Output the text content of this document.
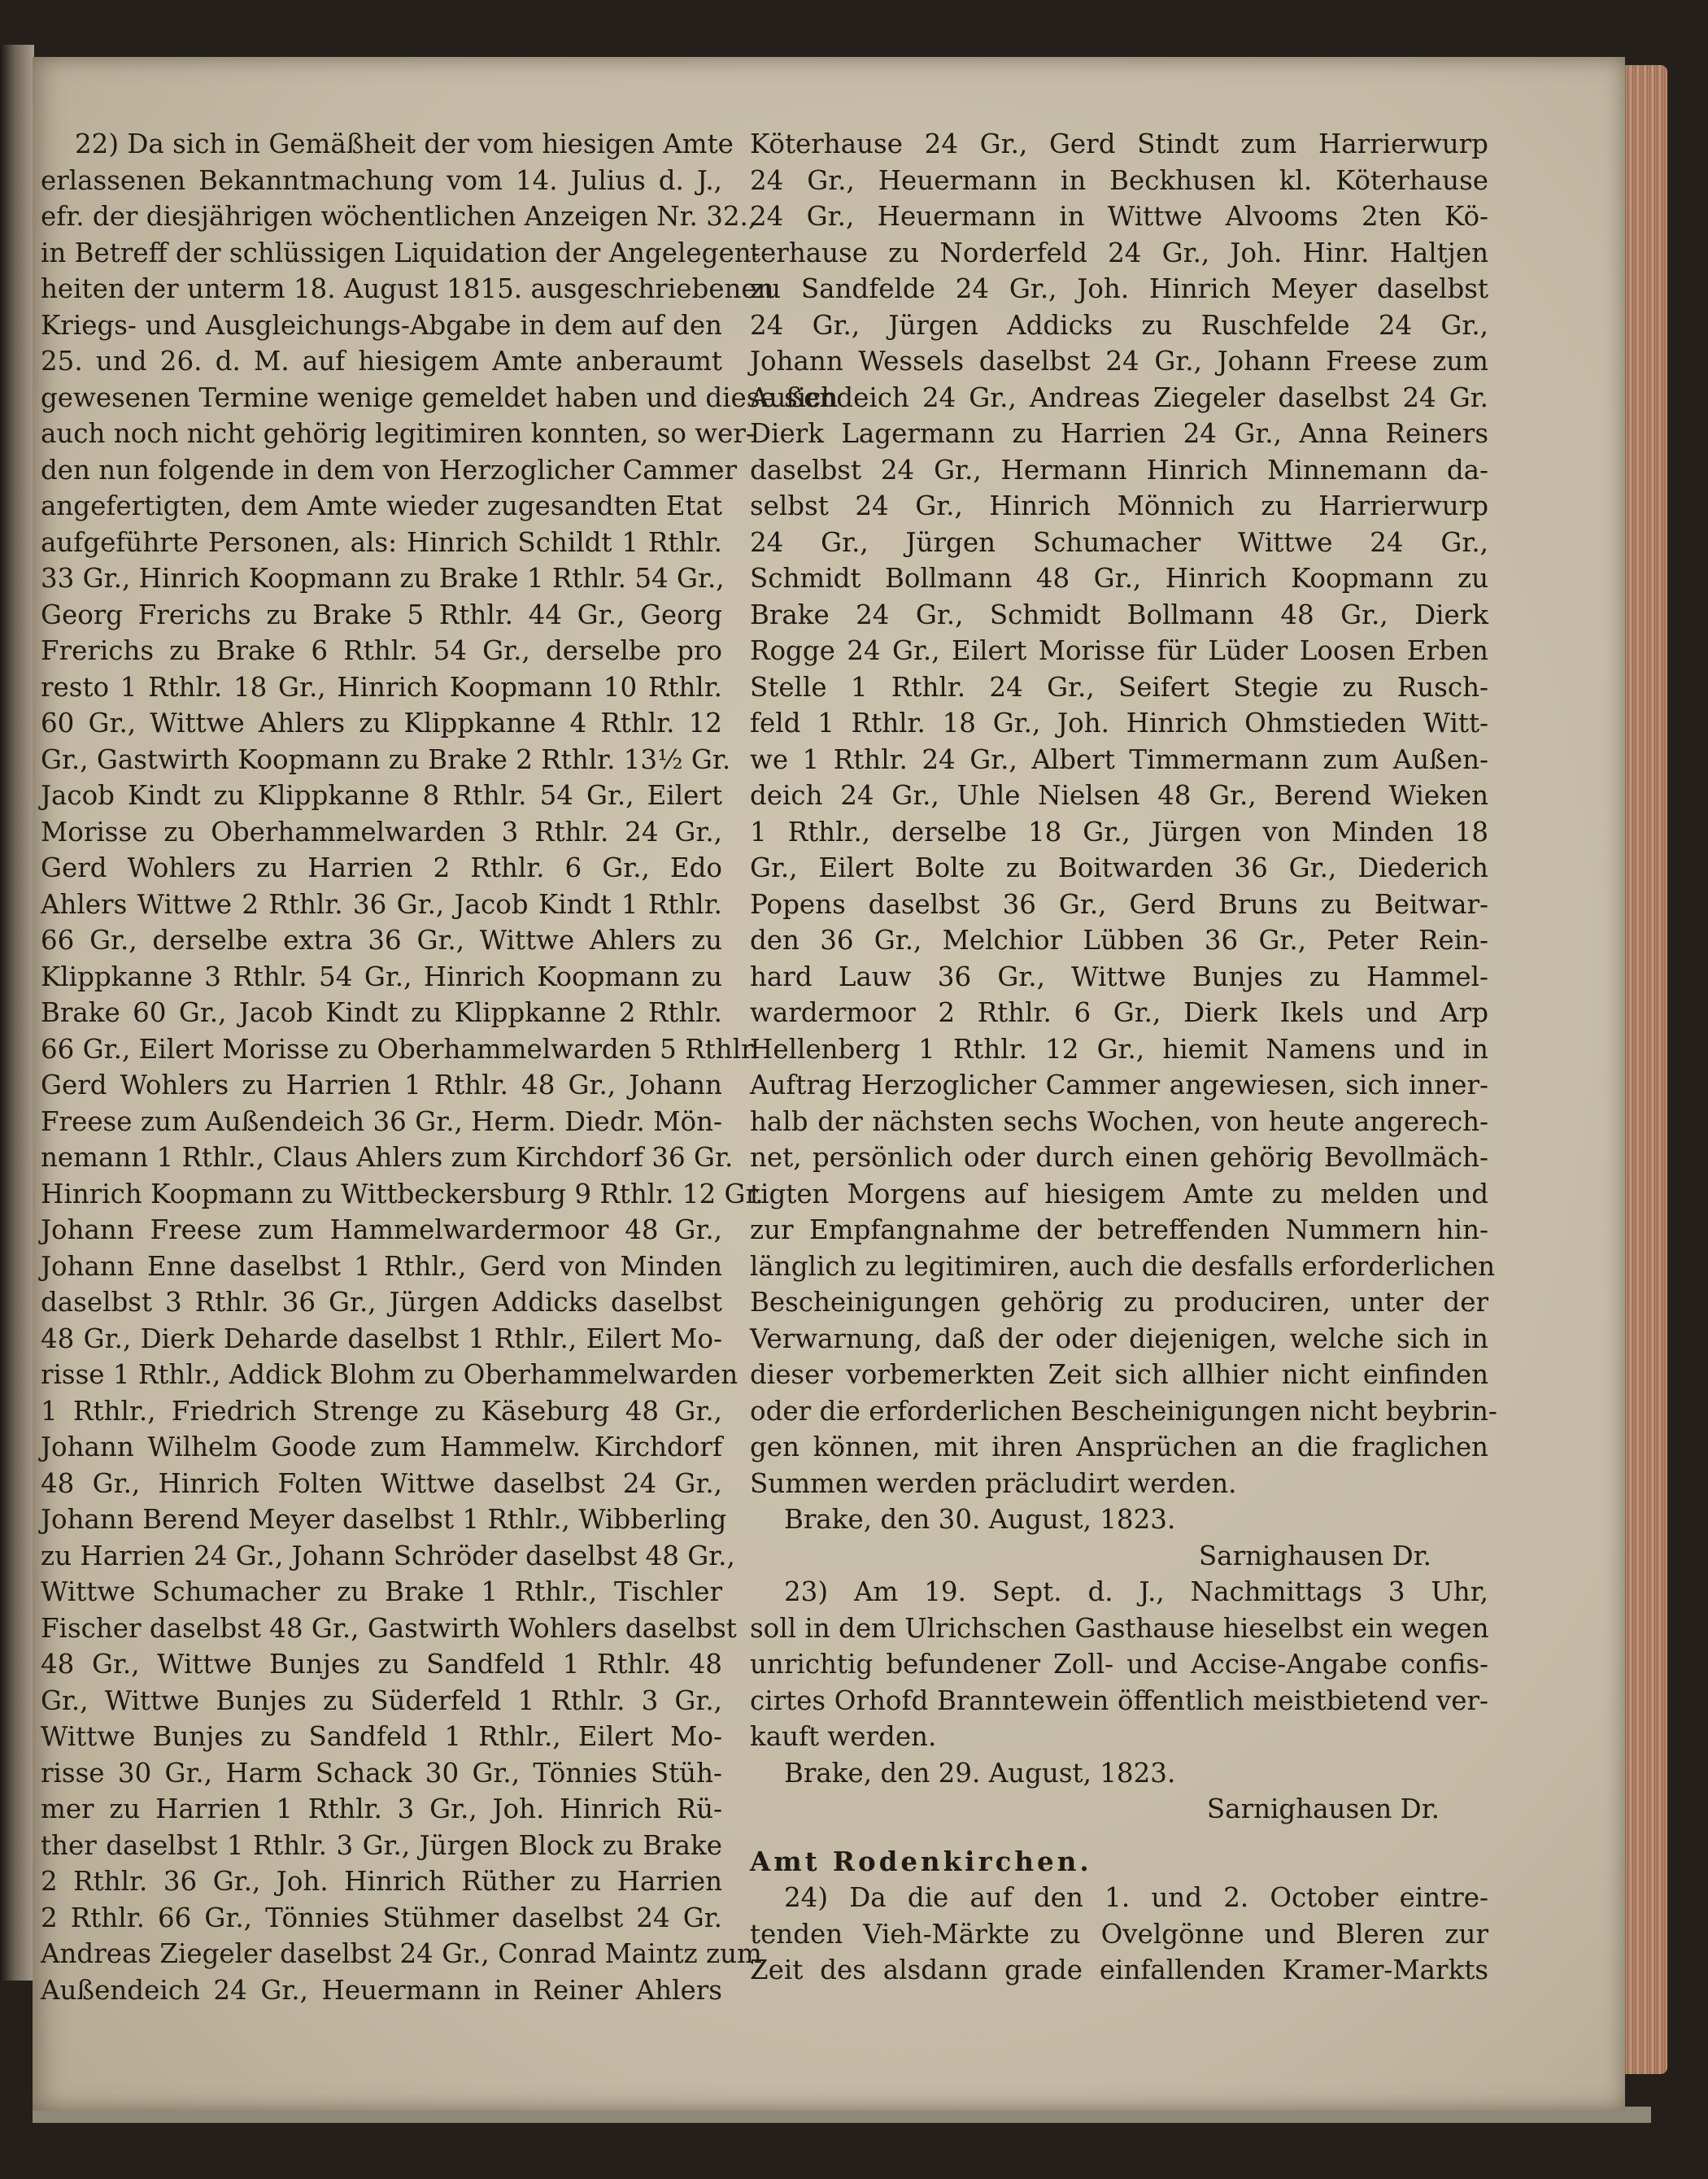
22) Da sich in Gemäßheit der vom hiesigen Amte
erlassenen Bekanntmachung vom 14. Julius d. J.,
efr. der diesjährigen wöchentlichen Anzeigen Nr. 32.,
in Betreff der schlüssigen Liquidation der Angelegen-
heiten der unterm 18. August 1815. ausgeschriebenen
Kriegs- und Ausgleichungs-Abgabe in dem auf den
25. und 26. d. M. auf hiesigem Amte anberaumt
gewesenen Termine wenige gemeldet haben und diese sich
auch noch nicht gehörig legitimiren konnten, so wer-
den nun folgende in dem von Herzoglicher Cammer
angefertigten, dem Amte wieder zugesandten Etat
aufgeführte Personen, als: Hinrich Schildt 1 Rthlr.
33 Gr., Hinrich Koopmann zu Brake 1 Rthlr. 54 Gr.,
Georg Frerichs zu Brake 5 Rthlr. 44 Gr., Georg
Frerichs zu Brake 6 Rthlr. 54 Gr., derselbe pro
resto 1 Rthlr. 18 Gr., Hinrich Koopmann 10 Rthlr.
60 Gr., Wittwe Ahlers zu Klippkanne 4 Rthlr. 12
Gr., Gastwirth Koopmann zu Brake 2 Rthlr. 13½ Gr.
Jacob Kindt zu Klippkanne 8 Rthlr. 54 Gr., Eilert
Morisse zu Oberhammelwarden 3 Rthlr. 24 Gr.,
Gerd Wohlers zu Harrien 2 Rthlr. 6 Gr., Edo
Ahlers Wittwe 2 Rthlr. 36 Gr., Jacob Kindt 1 Rthlr.
66 Gr., derselbe extra 36 Gr., Wittwe Ahlers zu
Klippkanne 3 Rthlr. 54 Gr., Hinrich Koopmann zu
Brake 60 Gr., Jacob Kindt zu Klippkanne 2 Rthlr.
66 Gr., Eilert Morisse zu Oberhammelwarden 5 Rthlr.
Gerd Wohlers zu Harrien 1 Rthlr. 48 Gr., Johann
Freese zum Außendeich 36 Gr., Herm. Diedr. Mön-
nemann 1 Rthlr., Claus Ahlers zum Kirchdorf 36 Gr.
Hinrich Koopmann zu Wittbeckersburg 9 Rthlr. 12 Gr.
Johann Freese zum Hammelwardermoor 48 Gr.,
Johann Enne daselbst 1 Rthlr., Gerd von Minden
daselbst 3 Rthlr. 36 Gr., Jürgen Addicks daselbst
48 Gr., Dierk Deharde daselbst 1 Rthlr., Eilert Mo-
risse 1 Rthlr., Addick Blohm zu Oberhammelwarden
1 Rthlr., Friedrich Strenge zu Käseburg 48 Gr.,
Johann Wilhelm Goode zum Hammelw. Kirchdorf
48 Gr., Hinrich Folten Wittwe daselbst 24 Gr.,
Johann Berend Meyer daselbst 1 Rthlr., Wibberling
zu Harrien 24 Gr., Johann Schröder daselbst 48 Gr.,
Wittwe Schumacher zu Brake 1 Rthlr., Tischler
Fischer daselbst 48 Gr., Gastwirth Wohlers daselbst
48 Gr., Wittwe Bunjes zu Sandfeld 1 Rthlr. 48
Gr., Wittwe Bunjes zu Süderfeld 1 Rthlr. 3 Gr.,
Wittwe Bunjes zu Sandfeld 1 Rthlr., Eilert Mo-
risse 30 Gr., Harm Schack 30 Gr., Tönnies Stüh-
mer zu Harrien 1 Rthlr. 3 Gr., Joh. Hinrich Rü-
ther daselbst 1 Rthlr. 3 Gr., Jürgen Block zu Brake
2 Rthlr. 36 Gr., Joh. Hinrich Rüther zu Harrien
2 Rthlr. 66 Gr., Tönnies Stühmer daselbst 24 Gr.
Andreas Ziegeler daselbst 24 Gr., Conrad Maintz zum
Außendeich 24 Gr., Heuermann in Reiner Ahlers
Köterhause 24 Gr., Gerd Stindt zum Harrierwurp
24 Gr., Heuermann in Beckhusen kl. Köterhause
24 Gr., Heuermann in Wittwe Alvooms 2ten Kö-
terhause zu Norderfeld 24 Gr., Joh. Hinr. Haltjen
zu Sandfelde 24 Gr., Joh. Hinrich Meyer daselbst
24 Gr., Jürgen Addicks zu Ruschfelde 24 Gr.,
Johann Wessels daselbst 24 Gr., Johann Freese zum
Außendeich 24 Gr., Andreas Ziegeler daselbst 24 Gr.
Dierk Lagermann zu Harrien 24 Gr., Anna Reiners
daselbst 24 Gr., Hermann Hinrich Minnemann da-
selbst 24 Gr., Hinrich Mönnich zu Harrierwurp
24 Gr., Jürgen Schumacher Wittwe 24 Gr.,
Schmidt Bollmann 48 Gr., Hinrich Koopmann zu
Brake 24 Gr., Schmidt Bollmann 48 Gr., Dierk
Rogge 24 Gr., Eilert Morisse für Lüder Loosen Erben
Stelle 1 Rthlr. 24 Gr., Seifert Stegie zu Rusch-
feld 1 Rthlr. 18 Gr., Joh. Hinrich Ohmstieden Witt-
we 1 Rthlr. 24 Gr., Albert Timmermann zum Außen-
deich 24 Gr., Uhle Nielsen 48 Gr., Berend Wieken
1 Rthlr., derselbe 18 Gr., Jürgen von Minden 18
Gr., Eilert Bolte zu Boitwarden 36 Gr., Diederich
Popens daselbst 36 Gr., Gerd Bruns zu Beitwar-
den 36 Gr., Melchior Lübben 36 Gr., Peter Rein-
hard Lauw 36 Gr., Wittwe Bunjes zu Hammel-
wardermoor 2 Rthlr. 6 Gr., Dierk Ikels und Arp
Hellenberg 1 Rthlr. 12 Gr., hiemit Namens und in
Auftrag Herzoglicher Cammer angewiesen, sich inner-
halb der nächsten sechs Wochen, von heute angerech-
net, persönlich oder durch einen gehörig Bevollmäch-
tigten Morgens auf hiesigem Amte zu melden und
zur Empfangnahme der betreffenden Nummern hin-
länglich zu legitimiren, auch die desfalls erforderlichen
Bescheinigungen gehörig zu produciren, unter der
Verwarnung, daß der oder diejenigen, welche sich in
dieser vorbemerkten Zeit sich allhier nicht einfinden
oder die erforderlichen Bescheinigungen nicht beybrin-
gen können, mit ihren Ansprüchen an die fraglichen
Summen werden präcludirt werden.
Brake, den 30. August, 1823.
Sarnighausen Dr.
23) Am 19. Sept. d. J., Nachmittags 3 Uhr,
soll in dem Ulrichschen Gasthause hieselbst ein wegen
unrichtig befundener Zoll- und Accise-Angabe confis-
cirtes Orhofd Branntewein öffentlich meistbietend ver-
kauft werden.
Brake, den 29. August, 1823.
Sarnighausen Dr.
Amt Rodenkirchen.
24) Da die auf den 1. und 2. October eintre-
tenden Vieh-Märkte zu Ovelgönne und Bleren zur
Zeit des alsdann grade einfallenden Kramer-Markts
